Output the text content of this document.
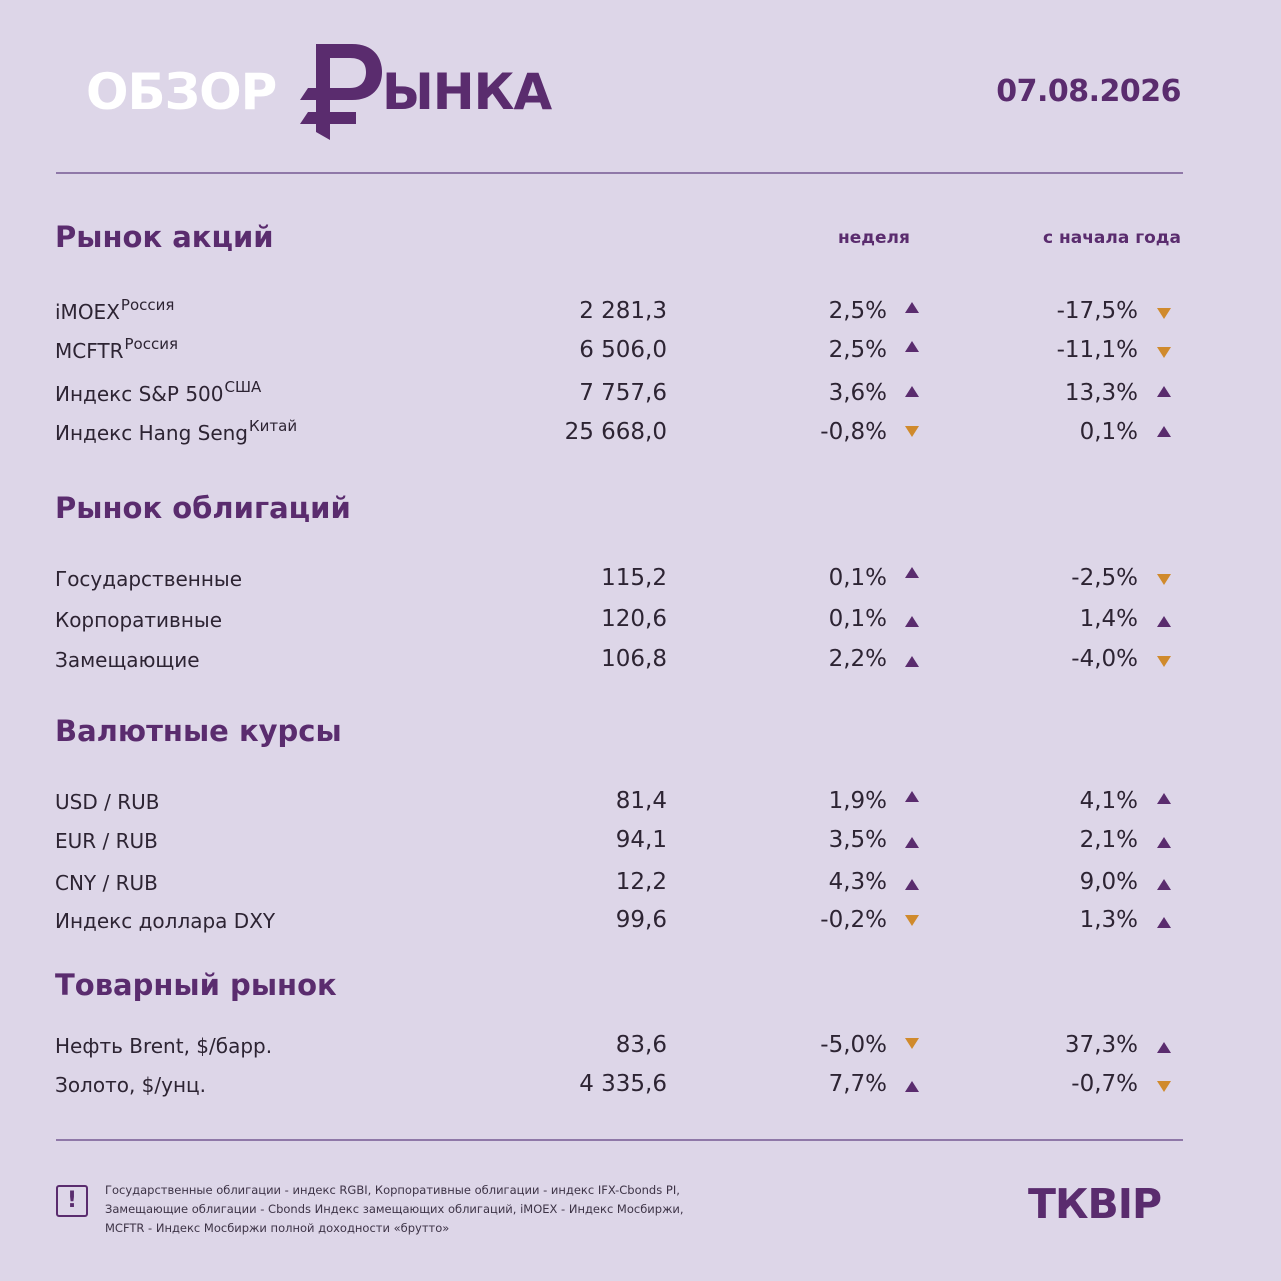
ОБЗОР ЫНКА	07.08.2026
неделя	с начала года
Рынок акций
iMOEX$^{Россия}$	2 281,3	2,5%	-17,5%
$MCFTR^{Россия}$	6 506,0	2,5%	-11,1%
Индекс S&P $500^{США}$	7 757,6	3,6%	13,3%
Индекс Hang Seng$^{Китай}$	25 668,0	-0,8%	0,1%
Рынок облигаций
Государственные	115,2	0,1%	-2,5%
Корпоративные	120,6	0,1%	1,4%
Замещающие	106,8	2,2%	-4,0%
Валютные курсы
USD / RUB	81,4	1,9%	4,1%
EUR / RUB	94,1	3,5%	2,1%
CNY / RUB	12,2	4,3%	9,0%
Индекс доллара DXY	99,6	-0,2%	1,3%
Товарный рынок
Нефть Brent, $/барр.	83,6	-5,0%	37,3%
Золото, $/унц.	4 335,6	7,7%	-0,7%
! Государственные облигации - индекс RGBI, Корпоративные облигации - индекс IFX-Cbonds PI,
Замещающие облигации - Cbonds Индекс замещающих облигаций, iMOEX - Индекс Мосбиржи,
MCFTR - Индекс Мосбиржи полной доходности «брутто»	ТКВIР
